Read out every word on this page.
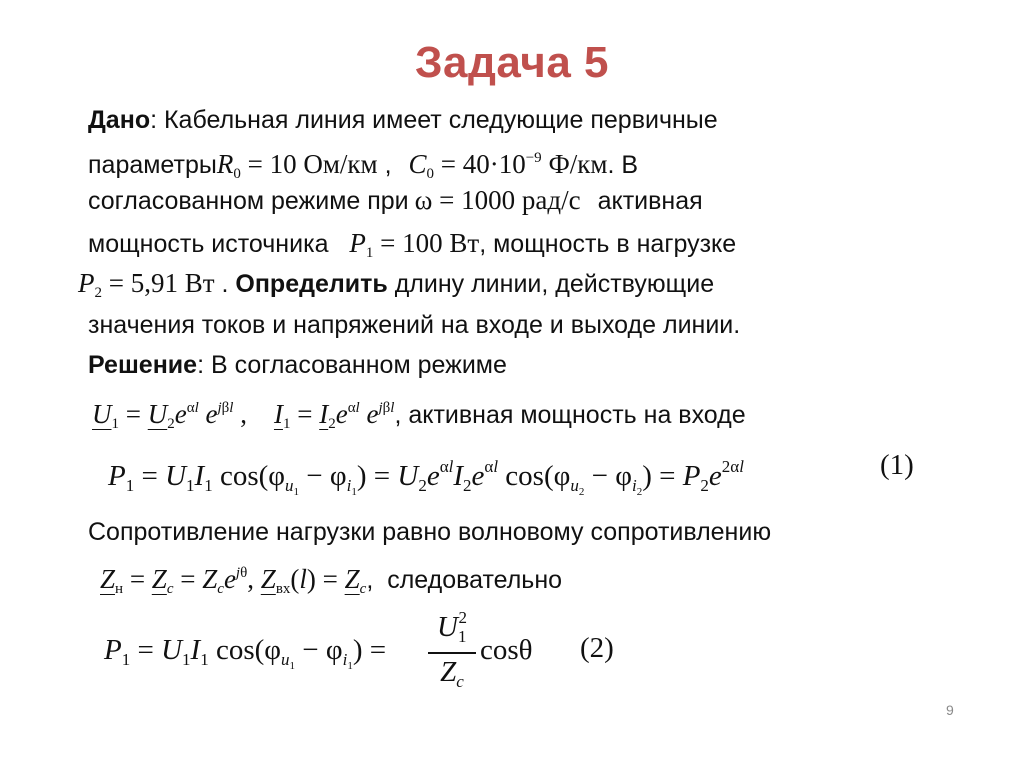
Задача 5
Дано: Кабельная линия имеет следующие первичные
параметрыR$_0$ = 10 Ом/км , $C_0 = 40\cdot 10^{-9}$ Ф/км. В
согласованном режиме при ω = 1000 рад/с активная
мощность источника $P_1 = 100$ Вт, мощность в нагрузке
$P_2 = 5,91$ Вт . Определить длину линии, действующие
значения токов и напряжений на входе и выходе линии.
Решение: В согласованном режиме
$U_1 = U_2e^{\alpha l}$ $e^{j\beta l}$ ,    $I_1 = I_2e^{\alpha l}$ $e^{j\beta l}$, активная мощность на входе
$P_1 = U_1I_1$ $\cos(\varphi_{u_1} - \varphi_{i_1}) = U_2e^{\alpha l}I_2e^{\alpha l}$ $\cos(\varphi_{u_2} - \varphi_{i_2}) = P_2e^{2\alpha l}$	(1)
Сопротивление нагрузки равно волновому сопротивлению
$Z_н = Z_c = Z_ce^{j\theta}$, $Z_{вх}(l) = Z_c$,  следовательно
$P_1 = U_1I_1$ $\cos(\varphi_{u_1} - \varphi_{i_1})$ =
$U_1^2$
$Z_c$
cosθ (2)
9
